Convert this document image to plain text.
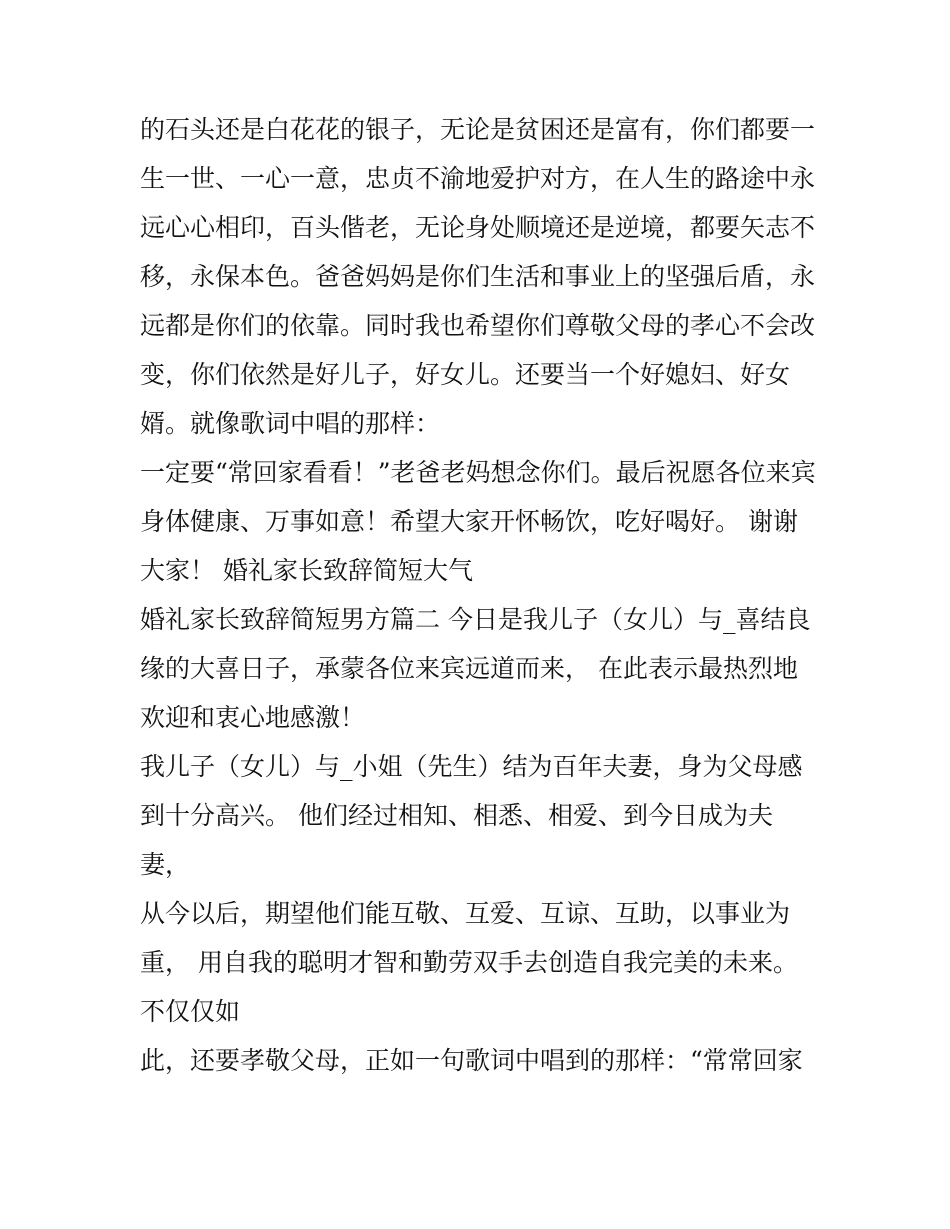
的石头还是白花花的银子，无论是贫困还是富有，你们都要一
生一世、一心一意，忠贞不渝地爱护对方，在人生的路途中永
远心心相印，百头偕老，无论身处顺境还是逆境，都要矢志不
移，永保本色。爸爸妈妈是你们生活和事业上的坚强后盾，永
远都是你们的依靠。同时我也希望你们尊敬父母的孝心不会改
变，你们依然是好儿子，好女儿。还要当一个好媳妇、好女
婿。就像歌词中唱的那样：
一定要“常回家看看！”老爸老妈想念你们。最后祝愿各位来宾
身体健康、万事如意！希望大家开怀畅饮，吃好喝好。 谢谢
大家！ 婚礼家长致辞简短大气
婚礼家长致辞简短男方篇二 今日是我儿子（女儿）与_喜结良
缘的大喜日子，承蒙各位来宾远道而来， 在此表示最热烈地
欢迎和衷心地感激！
我儿子（女儿）与_小姐（先生）结为百年夫妻，身为父母感
到十分高兴。 他们经过相知、相悉、相爱、到今日成为夫
妻，
从今以后，期望他们能互敬、互爱、互谅、互助，以事业为
重， 用自我的聪明才智和勤劳双手去创造自我完美的未来。
不仅仅如
此，还要孝敬父母，正如一句歌词中唱到的那样：“常常回家
